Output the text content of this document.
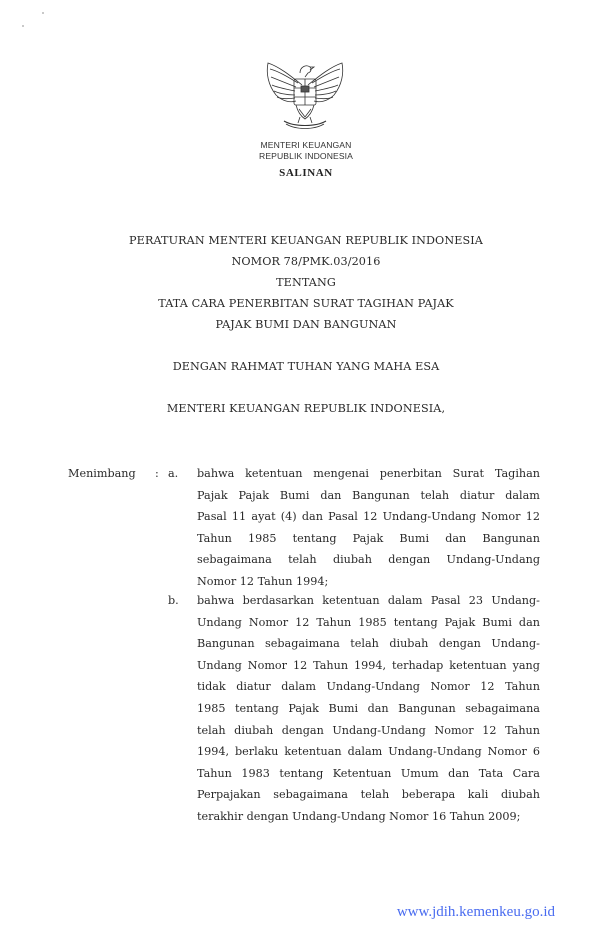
MENTERI KEUANGAN
REPUBLIK INDONESIA
SALINAN
PERATURAN MENTERI KEUANGAN REPUBLIK INDONESIA
NOMOR 78/PMK.03/2016
TENTANG
TATA CARA PENERBITAN SURAT TAGIHAN PAJAK
PAJAK BUMI DAN BANGUNAN
DENGAN RAHMAT TUHAN YANG MAHA ESA
MENTERI KEUANGAN REPUBLIK INDONESIA,
Menimbang : a. bahwa ketentuan mengenai penerbitan Surat Tagihan
Pajak Pajak Bumi dan Bangunan telah diatur dalam
Pasal 11 ayat (4) dan Pasal 12 Undang-Undang Nomor 12
Tahun 1985 tentang Pajak Bumi dan Bangunan
sebagaimana telah diubah dengan Undang-Undang
Nomor 12 Tahun 1994;
b. bahwa berdasarkan ketentuan dalam Pasal 23 Undang-
Undang Nomor 12 Tahun 1985 tentang Pajak Bumi dan
Bangunan sebagaimana telah diubah dengan Undang-
Undang Nomor 12 Tahun 1994, terhadap ketentuan yang
tidak diatur dalam Undang-Undang Nomor 12 Tahun
1985 tentang Pajak Bumi dan Bangunan sebagaimana
telah diubah dengan Undang-Undang Nomor 12 Tahun
1994, berlaku ketentuan dalam Undang-Undang Nomor 6
Tahun 1983 tentang Ketentuan Umum dan Tata Cara
Perpajakan sebagaimana telah beberapa kali diubah
terakhir dengan Undang-Undang Nomor 16 Tahun 2009;
www.jdih.kemenkeu.go.id
